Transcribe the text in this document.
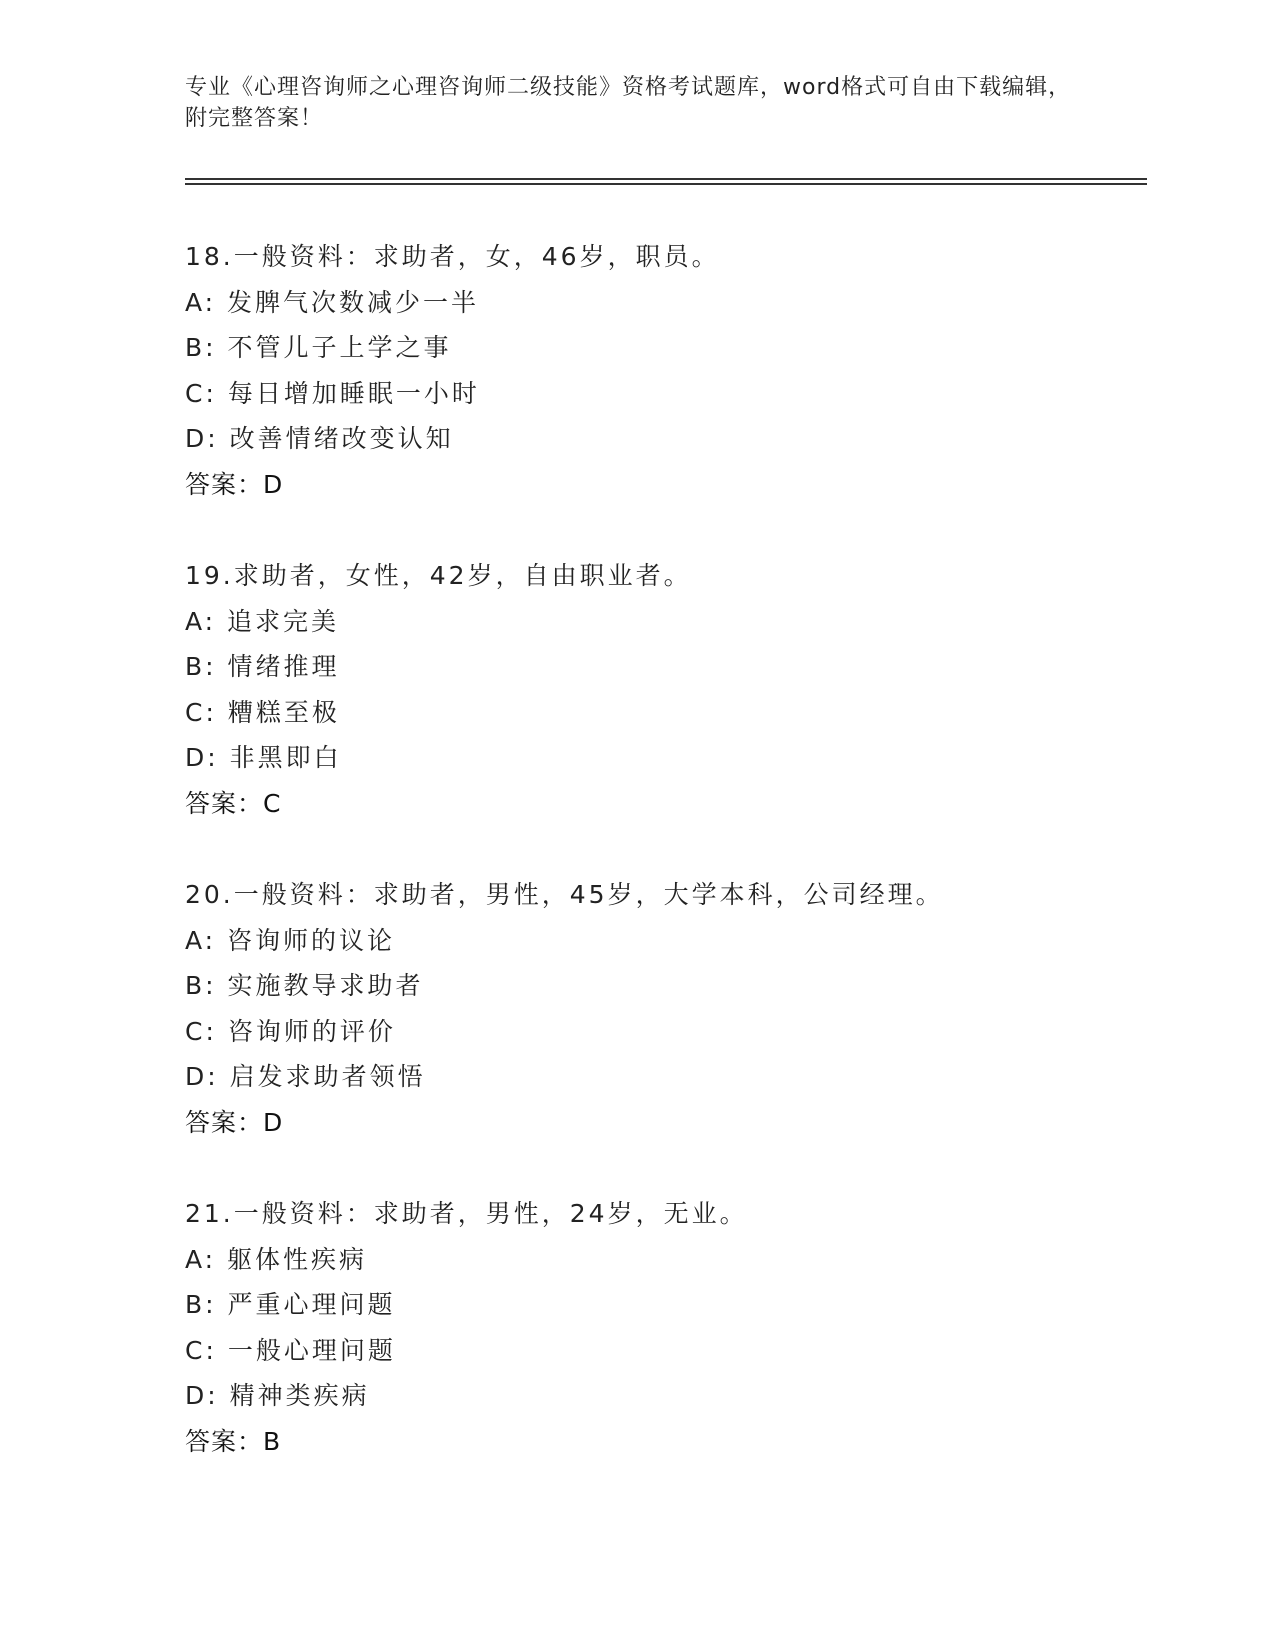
专业《心理咨询师之心理咨询师二级技能》资格考试题库，word格式可自由下载编辑，附完整答案！
18.一般资料：求助者，女，46岁，职员。
A: 发脾气次数减少一半
B: 不管儿子上学之事
C: 每日增加睡眠一小时
D: 改善情绪改变认知
答案：D
19.求助者，女性，42岁，自由职业者。
A: 追求完美
B: 情绪推理
C: 糟糕至极
D: 非黑即白
答案：C
20.一般资料：求助者，男性，45岁，大学本科，公司经理。
A: 咨询师的议论
B: 实施教导求助者
C: 咨询师的评价
D: 启发求助者领悟
答案：D
21.一般资料：求助者，男性，24岁，无业。
A: 躯体性疾病
B: 严重心理问题
C: 一般心理问题
D: 精神类疾病
答案：B
